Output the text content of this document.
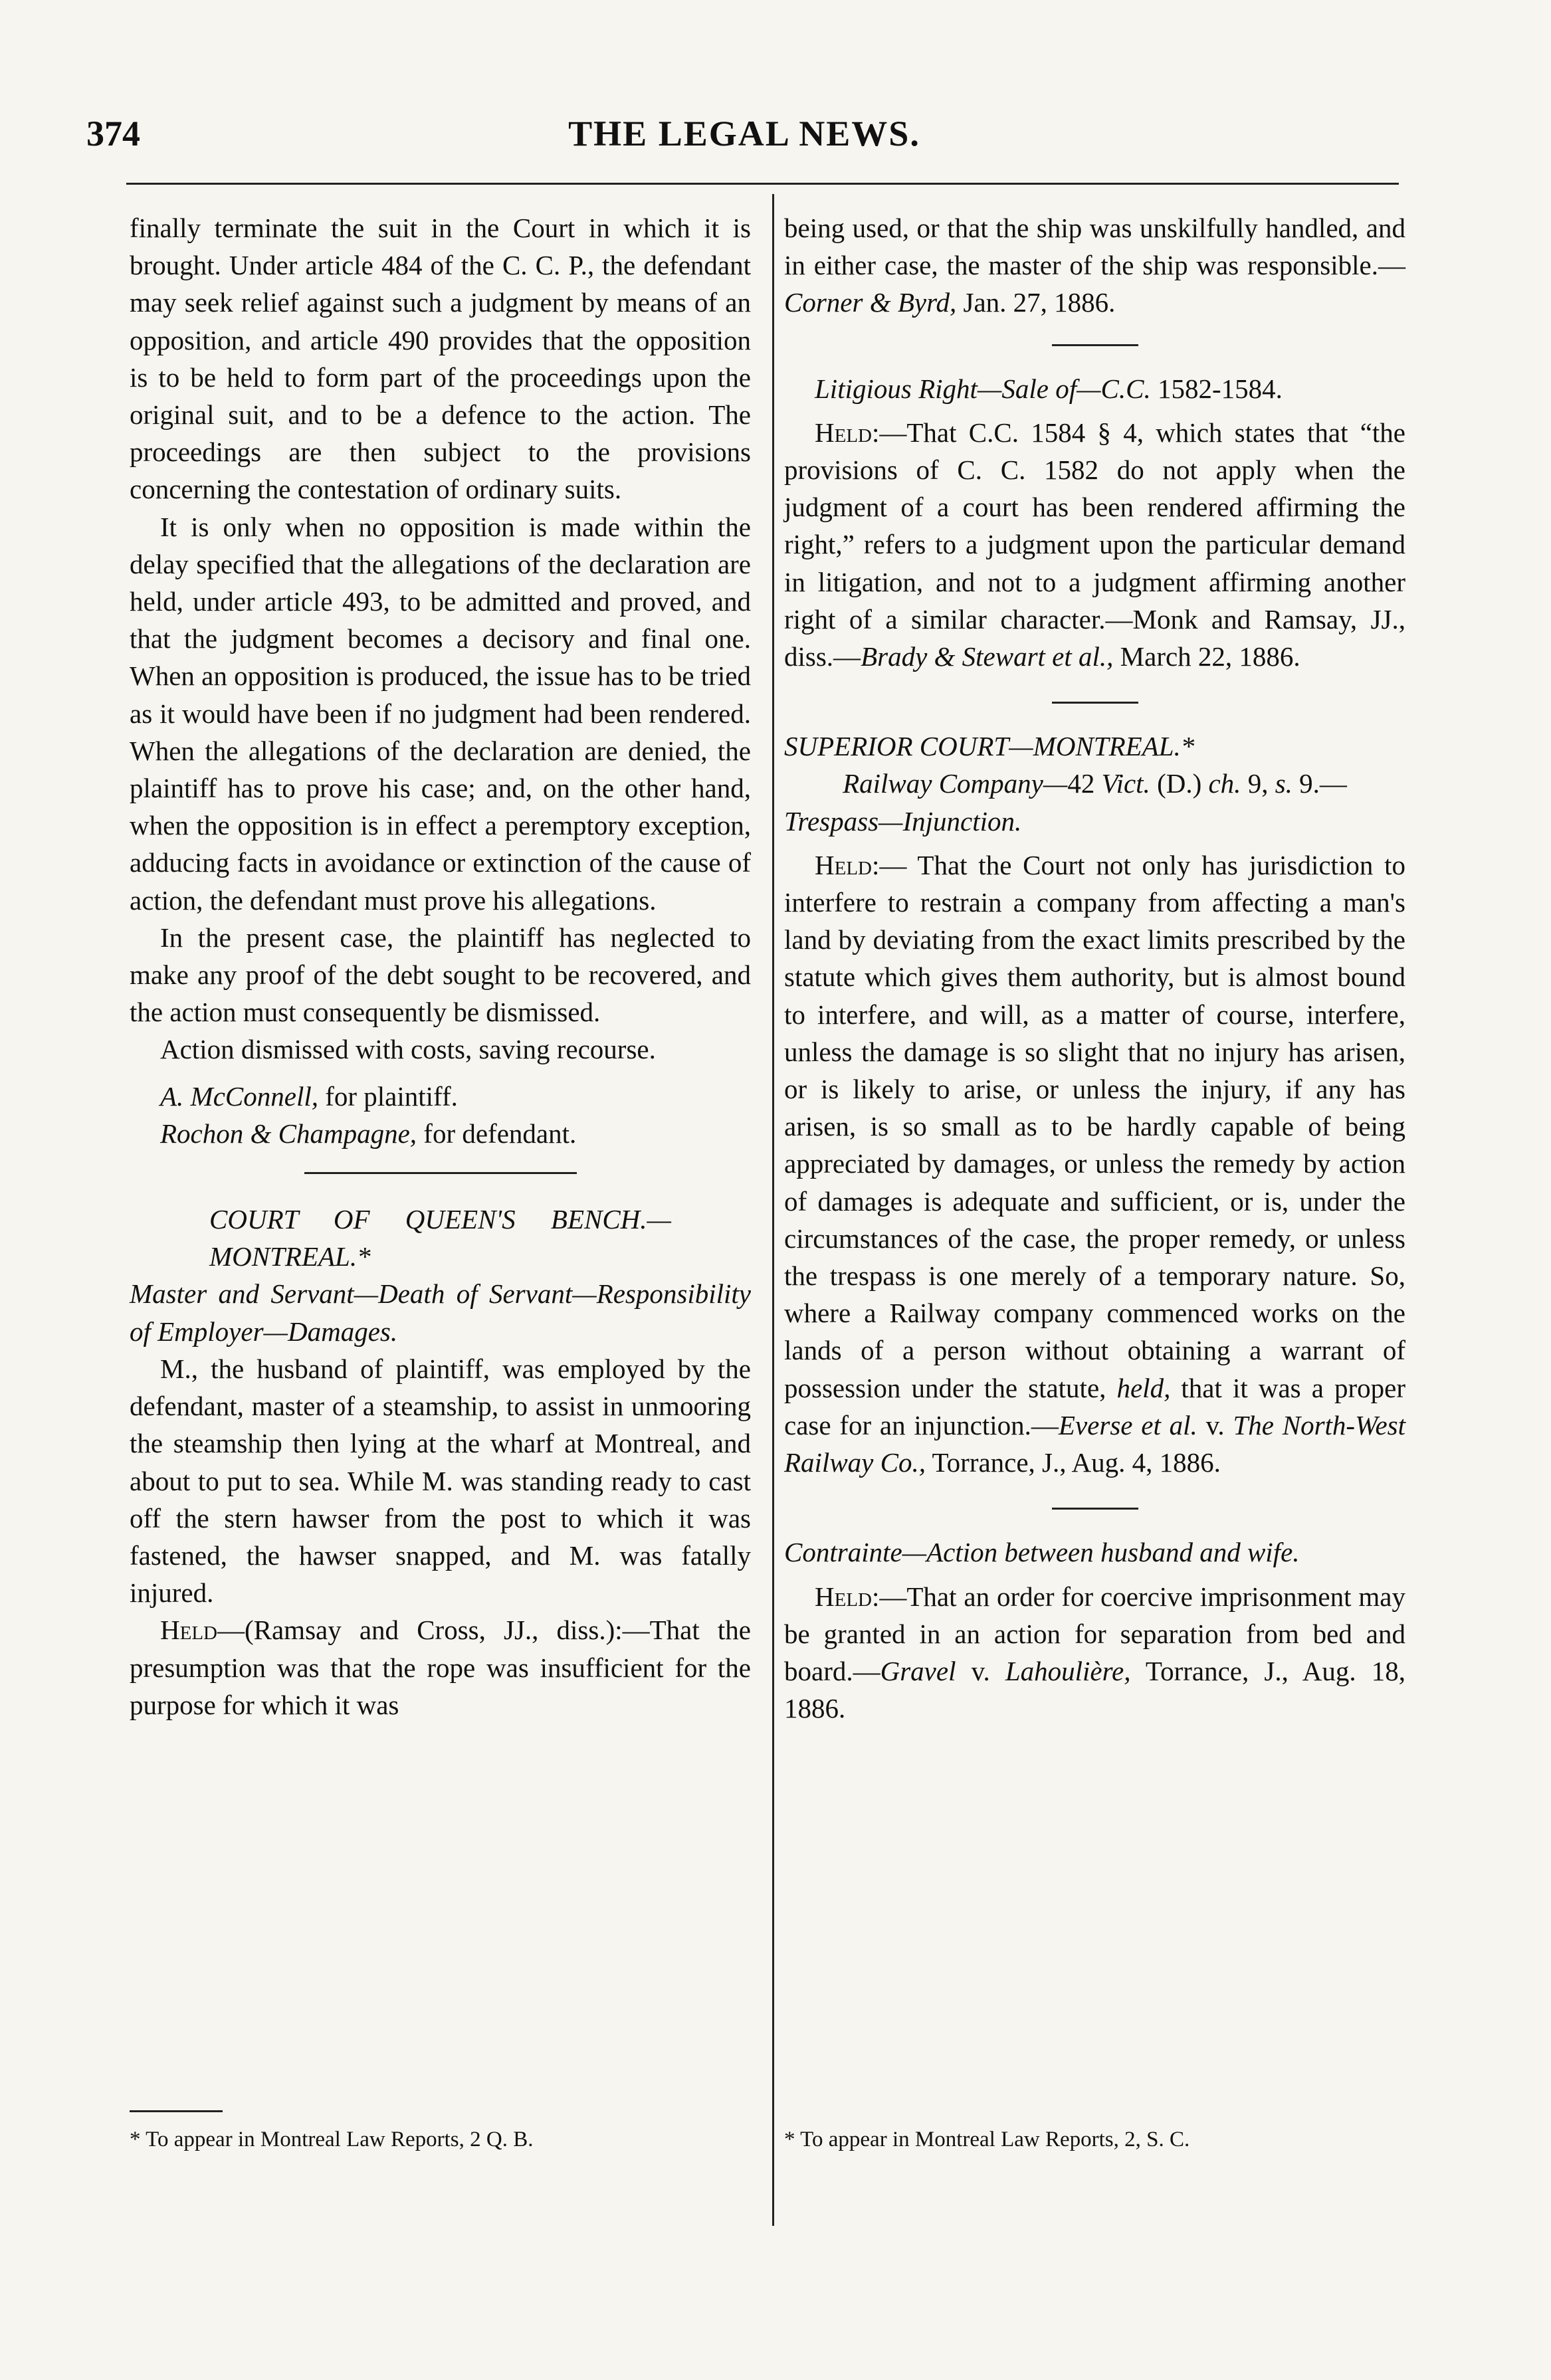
374	THE LEGAL NEWS.

finally terminate the suit in the Court in which it is brought. Under article 484 of the C. C. P., the defendant may seek relief against such a judgment by means of an opposition, and article 490 provides that the opposition is to be held to form part of the proceedings upon the original suit, and to be a defence to the action. The proceedings are then subject to the provisions concerning the contestation of ordinary suits.

It is only when no opposition is made within the delay specified that the allegations of the declaration are held, under article 493, to be admitted and proved, and that the judgment becomes a decisory and final one. When an opposition is produced, the issue has to be tried as it would have been if no judgment had been rendered. When the allegations of the declaration are denied, the plaintiff has to prove his case; and, on the other hand, when the opposition is in effect a peremptory exception, adducing facts in avoidance or extinction of the cause of action, the defendant must prove his allegations.

In the present case, the plaintiff has neglected to make any proof of the debt sought to be recovered, and the action must consequently be dismissed.

Action dismissed with costs, saving recourse.

A. McConnell, for plaintiff.

Rochon & Champagne, for defendant.

COURT OF QUEEN'S BENCH.— MONTREAL.*

Master and Servant—Death of Servant—Responsibility of Employer—Damages.

M., the husband of plaintiff, was employed by the defendant, master of a steamship, to assist in unmooring the steamship then lying at the wharf at Montreal, and about to put to sea. While M. was standing ready to cast off the stern hawser from the post to which it was fastened, the hawser snapped, and M. was fatally injured.

Held—(Ramsay and Cross, JJ., diss.):—That the presumption was that the rope was insufficient for the purpose for which it was

* To appear in Montreal Law Reports, 2 Q. B.

being used, or that the ship was unskilfully handled, and in either case, the master of the ship was responsible.—Corner & Byrd, Jan. 27, 1886.

Litigious Right—Sale of—C.C. 1582-1584.

Held:—That C.C. 1584 § 4, which states that “the provisions of C. C. 1582 do not apply when the judgment of a court has been rendered affirming the right,” refers to a judgment upon the particular demand in litigation, and not to a judgment affirming another right of a similar character.—Monk and Ramsay, JJ., diss.—Brady & Stewart et al., March 22, 1886.

SUPERIOR COURT—MONTREAL.*

Railway Company—42 Vict. (D.) ch. 9, s. 9.—

Trespass—Injunction.

Held:— That the Court not only has jurisdiction to interfere to restrain a company from affecting a man's land by deviating from the exact limits prescribed by the statute which gives them authority, but is almost bound to interfere, and will, as a matter of course, interfere, unless the damage is so slight that no injury has arisen, or is likely to arise, or unless the injury, if any has arisen, is so small as to be hardly capable of being appreciated by damages, or unless the remedy by action of damages is adequate and sufficient, or is, under the circumstances of the case, the proper remedy, or unless the trespass is one merely of a temporary nature. So, where a Railway company commenced works on the lands of a person without obtaining a warrant of possession under the statute, held, that it was a proper case for an injunction.—Everse et al. v. The North-West Railway Co., Torrance, J., Aug. 4, 1886.

Contrainte—Action between husband and wife.

Held:—That an order for coercive imprisonment may be granted in an action for separation from bed and board.—Gravel v. Lahoulière, Torrance, J., Aug. 18, 1886.

* To appear in Montreal Law Reports, 2, S. C.
